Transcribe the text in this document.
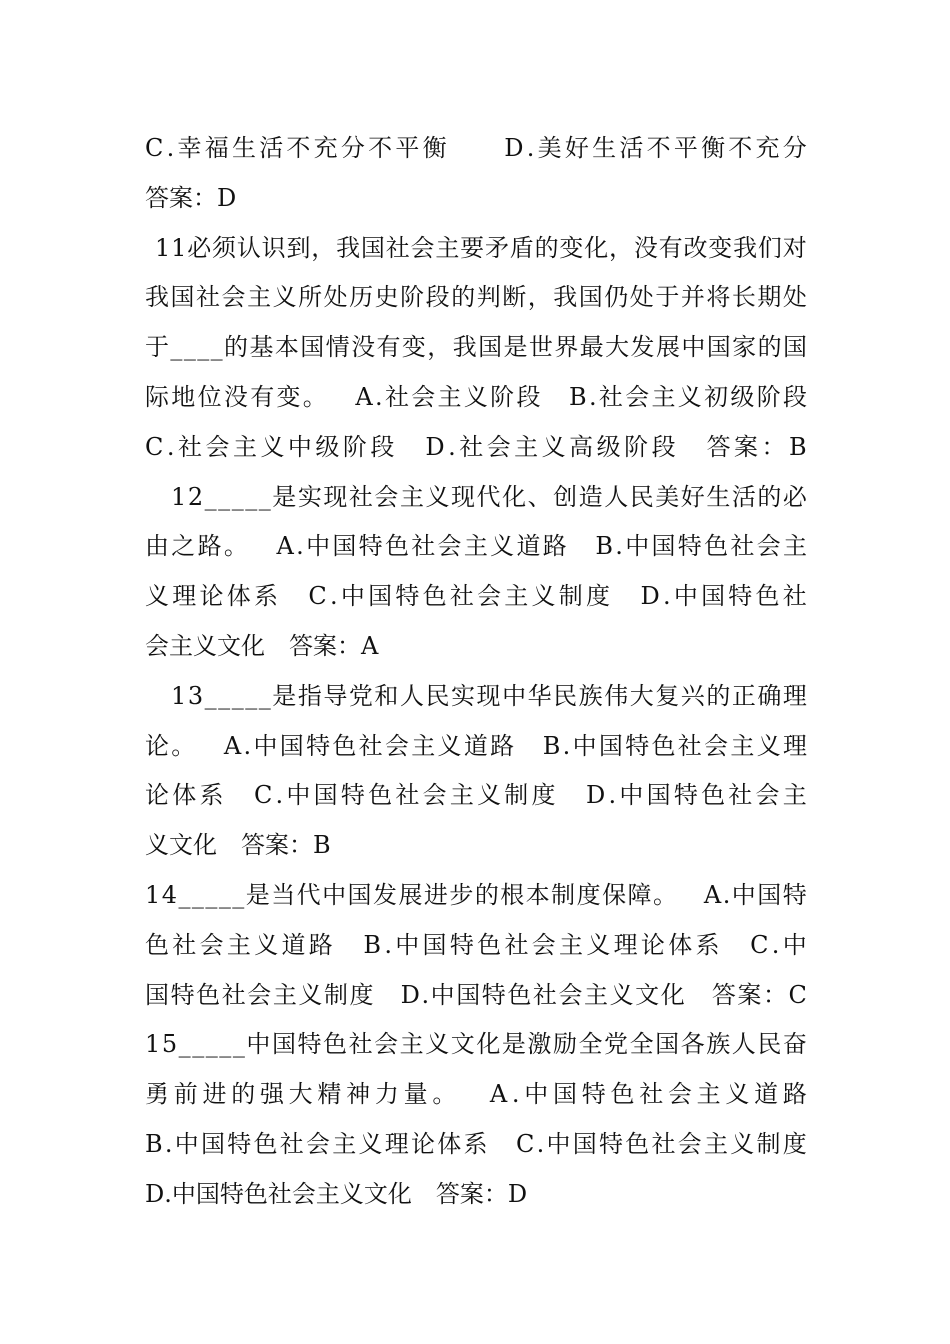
C . 幸 福 生 活 不 充 分 不 平 衡

　 D . 美 好 生 活 不 平 衡 不 充 分
答 案 ： D
1 1 必 须 认 识 到 ， 我 国 社 会 主 要 矛 盾 的 变 化 ， 没 有 改 变 我 们 对
我 国 社 会 主 义 所 处 历 史 阶 段 的 判 断 ， 我 国 仍 处 于 并 将 长 期 处
于 _ _ _ _ 的 基 本 国 情 没 有 变 ， 我 国 是 世 界 最 大 发 展 中 国 家 的 国
际 地 位 没 有 变 。
　 A . 社 会 主 义 阶 段
　 B . 社 会 主 义 初 级 阶 段
C . 社 会 主 义 中 级 阶 段
　 D . 社 会 主 义 高 级 阶 段
　 答 案 ： B
1 2 _ _ _ _ _ 是 实 现 社 会 主 义 现 代 化 、 创 造 人 民 美 好 生 活 的 必
由 之 路 。
　 A . 中 国 特 色 社 会 主 义 道 路
　 B . 中 国 特 色 社 会 主
义 理 论 体 系
　 C . 中 国 特 色 社 会 主 义 制 度
　 D . 中 国 特 色 社
会 主 义 文 化
　 答 案 ： A
1 3 _ _ _ _ _ 是 指 导 党 和 人 民 实 现 中 华 民 族 伟 大 复 兴 的 正 确 理
论 。
　 A . 中 国 特 色 社 会 主 义 道 路
　 B . 中 国 特 色 社 会 主 义 理
论 体 系
　 C . 中 国 特 色 社 会 主 义 制 度
　 D . 中 国 特 色 社 会 主
义 文 化
　 答 案 ： B
1 4 _ _ _ _ _ 是 当 代 中 国 发 展 进 步 的 根 本 制 度 保 障 。
　 A . 中 国 特
色 社 会 主 义 道 路
　 B . 中 国 特 色 社 会 主 义 理 论 体 系
　 C . 中
国 特 色 社 会 主 义 制 度
　 D . 中 国 特 色 社 会 主 义 文 化
　 答 案 ： C
1 5 _ _ _ _ _ 中 国 特 色 社 会 主 义 文 化 是 激 励 全 党 全 国 各 族 人 民 奋
勇 前 进 的 强 大 精 神 力 量 。
　 A . 中 国 特 色 社 会 主 义 道 路
B . 中 国 特 色 社 会 主 义 理 论 体 系
　 C . 中 国 特 色 社 会 主 义 制 度
D . 中 国 特 色 社 会 主 义 文 化
　 答 案 ： D
